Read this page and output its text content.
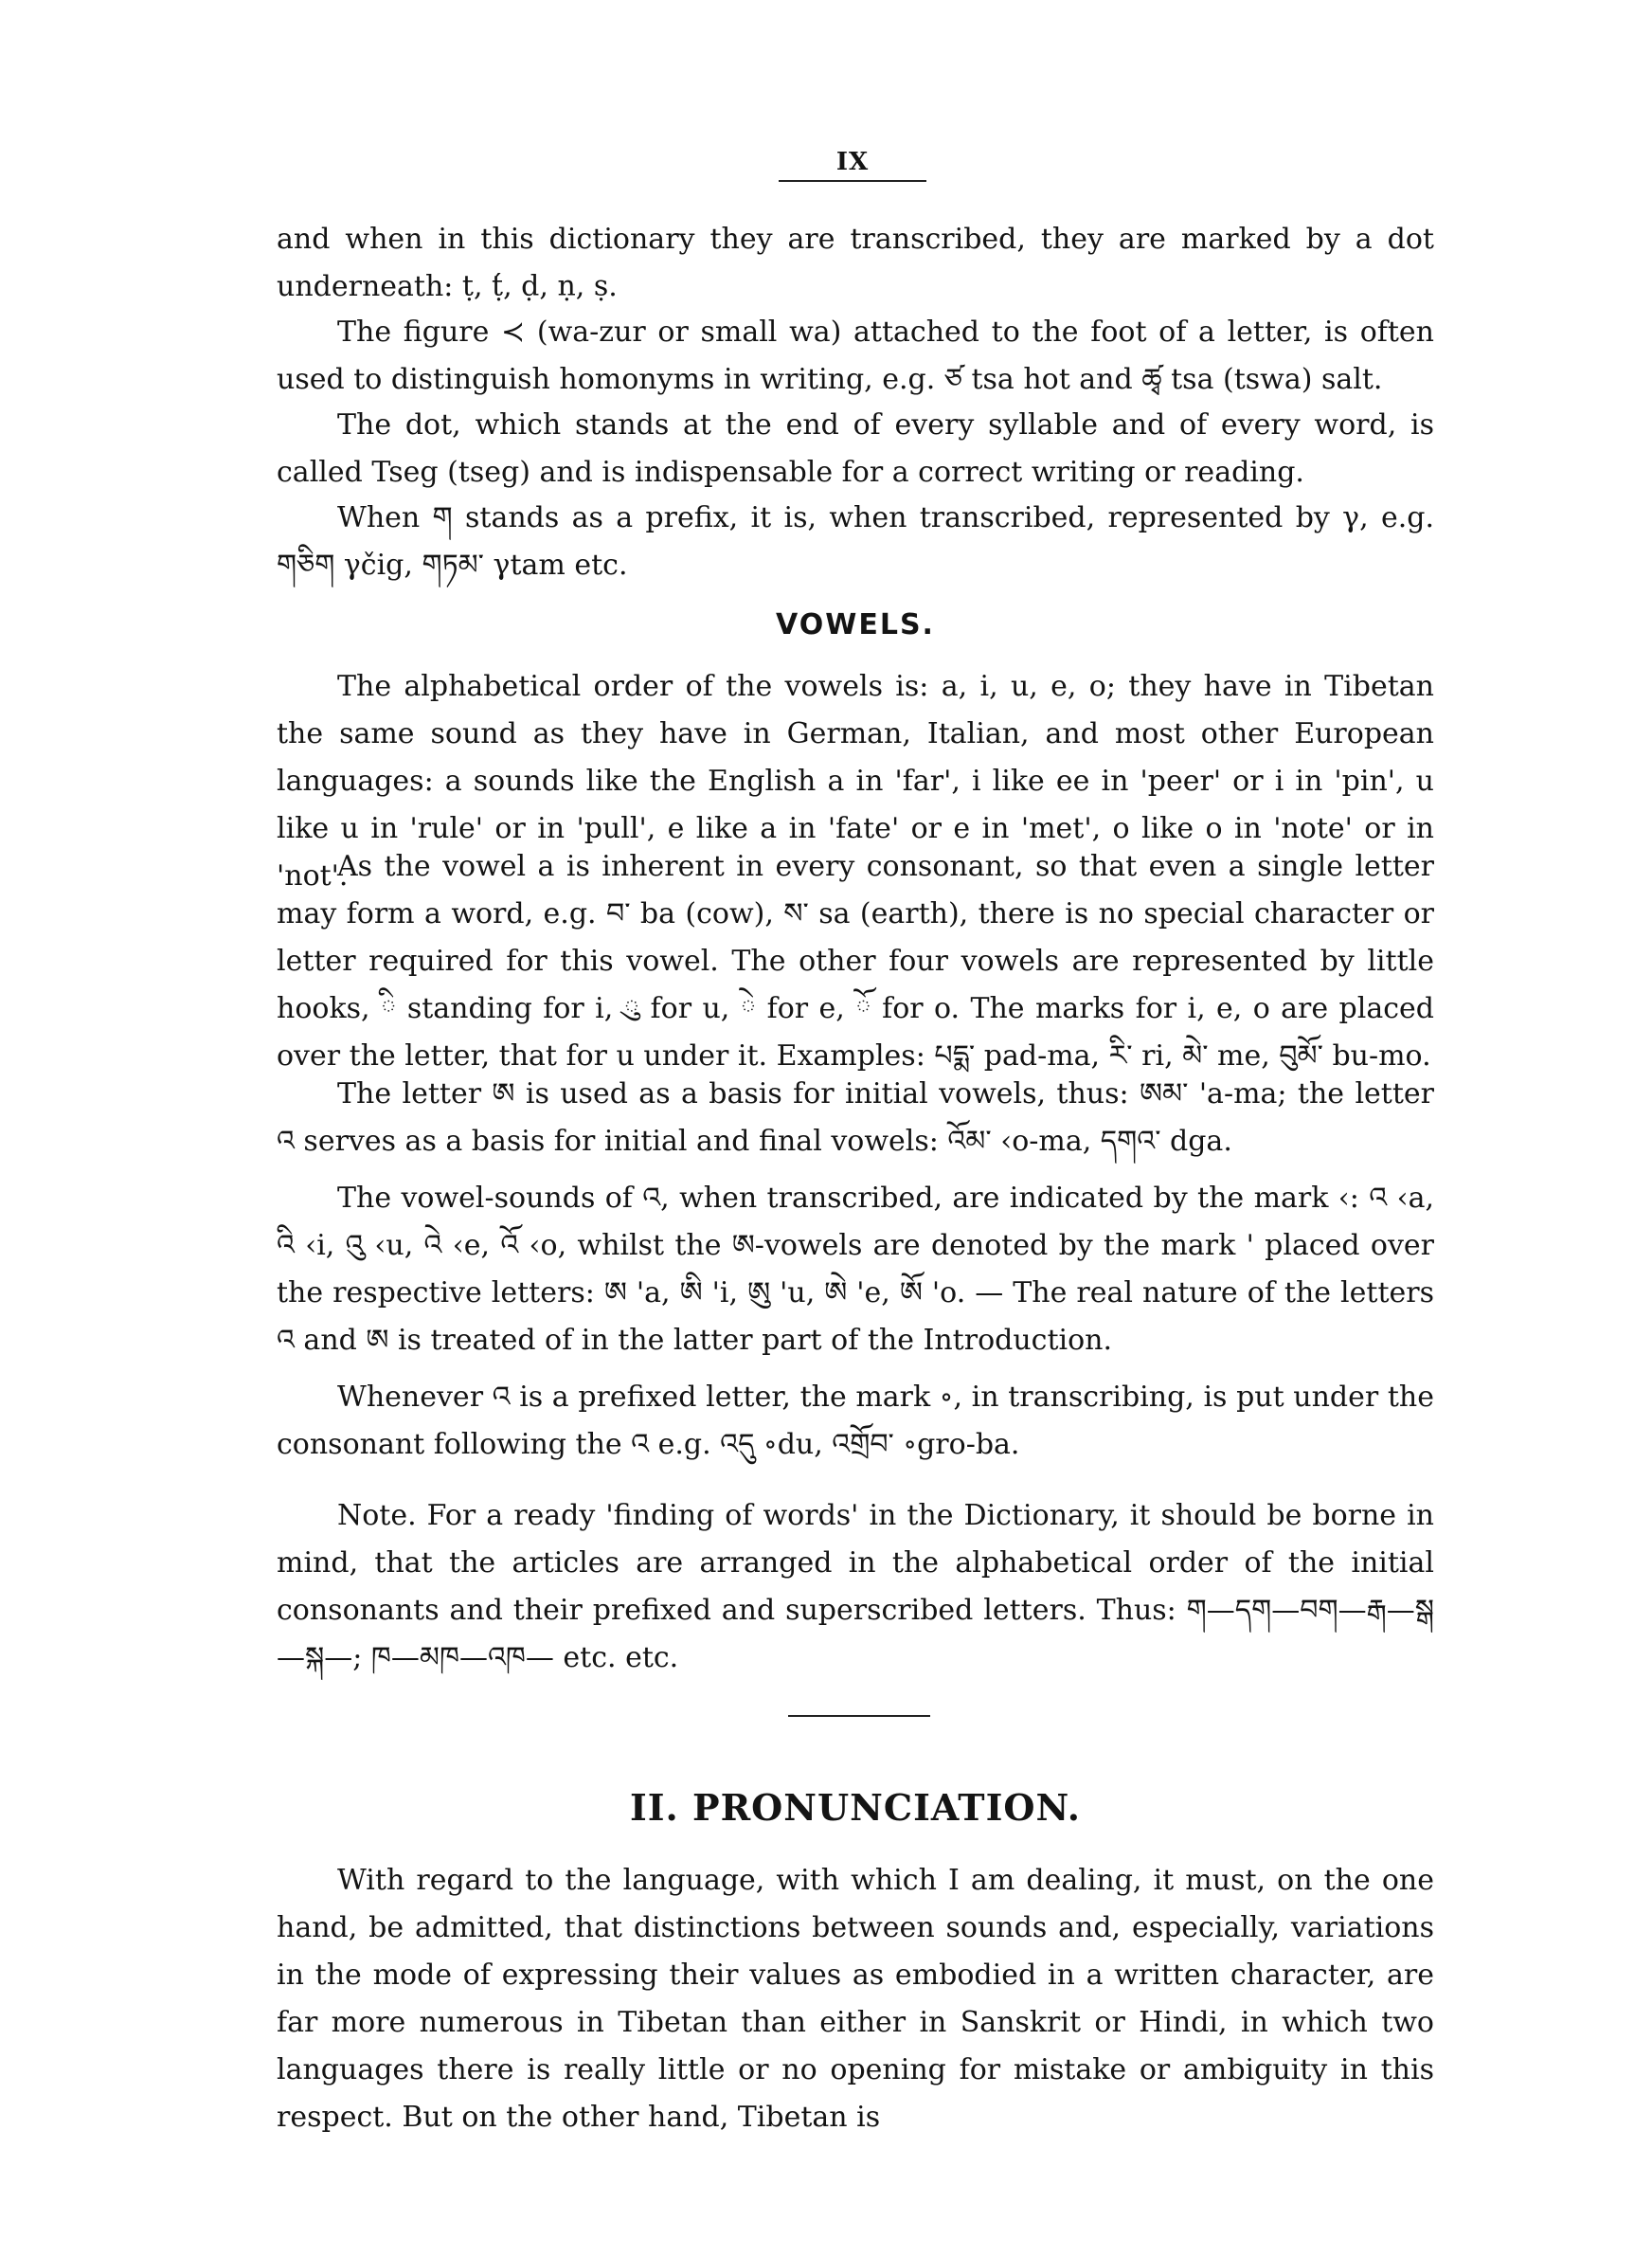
IX

and when in this dictionary they are transcribed, they are marked by a dot underneath: ṭ, ṭ́, ḍ, ṇ, ṣ.

The figure ≺ (wa-zur or small wa) attached to the foot of a letter, is often used to distinguish homonyms in writing, e.g. ཙ tsa hot and ཚྭ tsa (tswa) salt.

The dot, which stands at the end of every syllable and of every word, is called Tseg (tseg) and is indispensable for a correct writing or reading.

When ག stands as a prefix, it is, when transcribed, represented by γ, e.g. གཅིག γčig, གཏམ་ γtam etc.

VOWELS.

The alphabetical order of the vowels is: a, i, u, e, o; they have in Tibetan the same sound as they have in German, Italian, and most other European languages: a sounds like the English a in 'far', i like ee in 'peer' or i in 'pin', u like u in 'rule' or in 'pull', e like a in 'fate' or e in 'met', o like o in 'note' or in 'not'.

As the vowel a is inherent in every consonant, so that even a single letter may form a word, e.g. བ་ ba (cow), ས་ sa (earth), there is no special character or letter required for this vowel. The other four vowels are represented by little hooks, ི standing for i, ུ for u, ེ for e, ོ for o. The marks for i, e, o are placed over the letter, that for u under it. Examples: པདྨ་ pad-ma, རི་ ri, མེ་ me, བུམོ་ bu-mo.

The letter ཨ is used as a basis for initial vowels, thus: ཨམ་ 'a-ma; the letter འ serves as a basis for initial and final vowels: འོམ་ ‹o-ma, དགའ་ dga.

The vowel-sounds of འ, when transcribed, are indicated by the mark ‹: འ ‹a, འི ‹i, འུ ‹u, འེ ‹e, འོ ‹o, whilst the ཨ-vowels are denoted by the mark ' placed over the respective letters: ཨ 'a, ཨི 'i, ཨུ 'u, ཨེ 'e, ཨོ 'o. — The real nature of the letters འ and ཨ is treated of in the latter part of the Introduction.

Whenever འ is a prefixed letter, the mark ∘, in transcribing, is put under the consonant following the འ e.g. འདུ ∘du, འགྲོབ་ ∘gro-ba.

Note. For a ready 'finding of words' in the Dictionary, it should be borne in mind, that the articles are arranged in the alphabetical order of the initial consonants and their prefixed and superscribed letters. Thus: ག—དག—བག—རྒ—སྒ—སྐ—; ཁ—མཁ—འཁ— etc. etc.

II. PRONUNCIATION.

With regard to the language, with which I am dealing, it must, on the one hand, be admitted, that distinctions between sounds and, especially, variations in the mode of expressing their values as embodied in a written character, are far more numerous in Tibetan than either in Sanskrit or Hindi, in which two languages there is really little or no opening for mistake or ambiguity in this respect. But on the other hand, Tibetan is
